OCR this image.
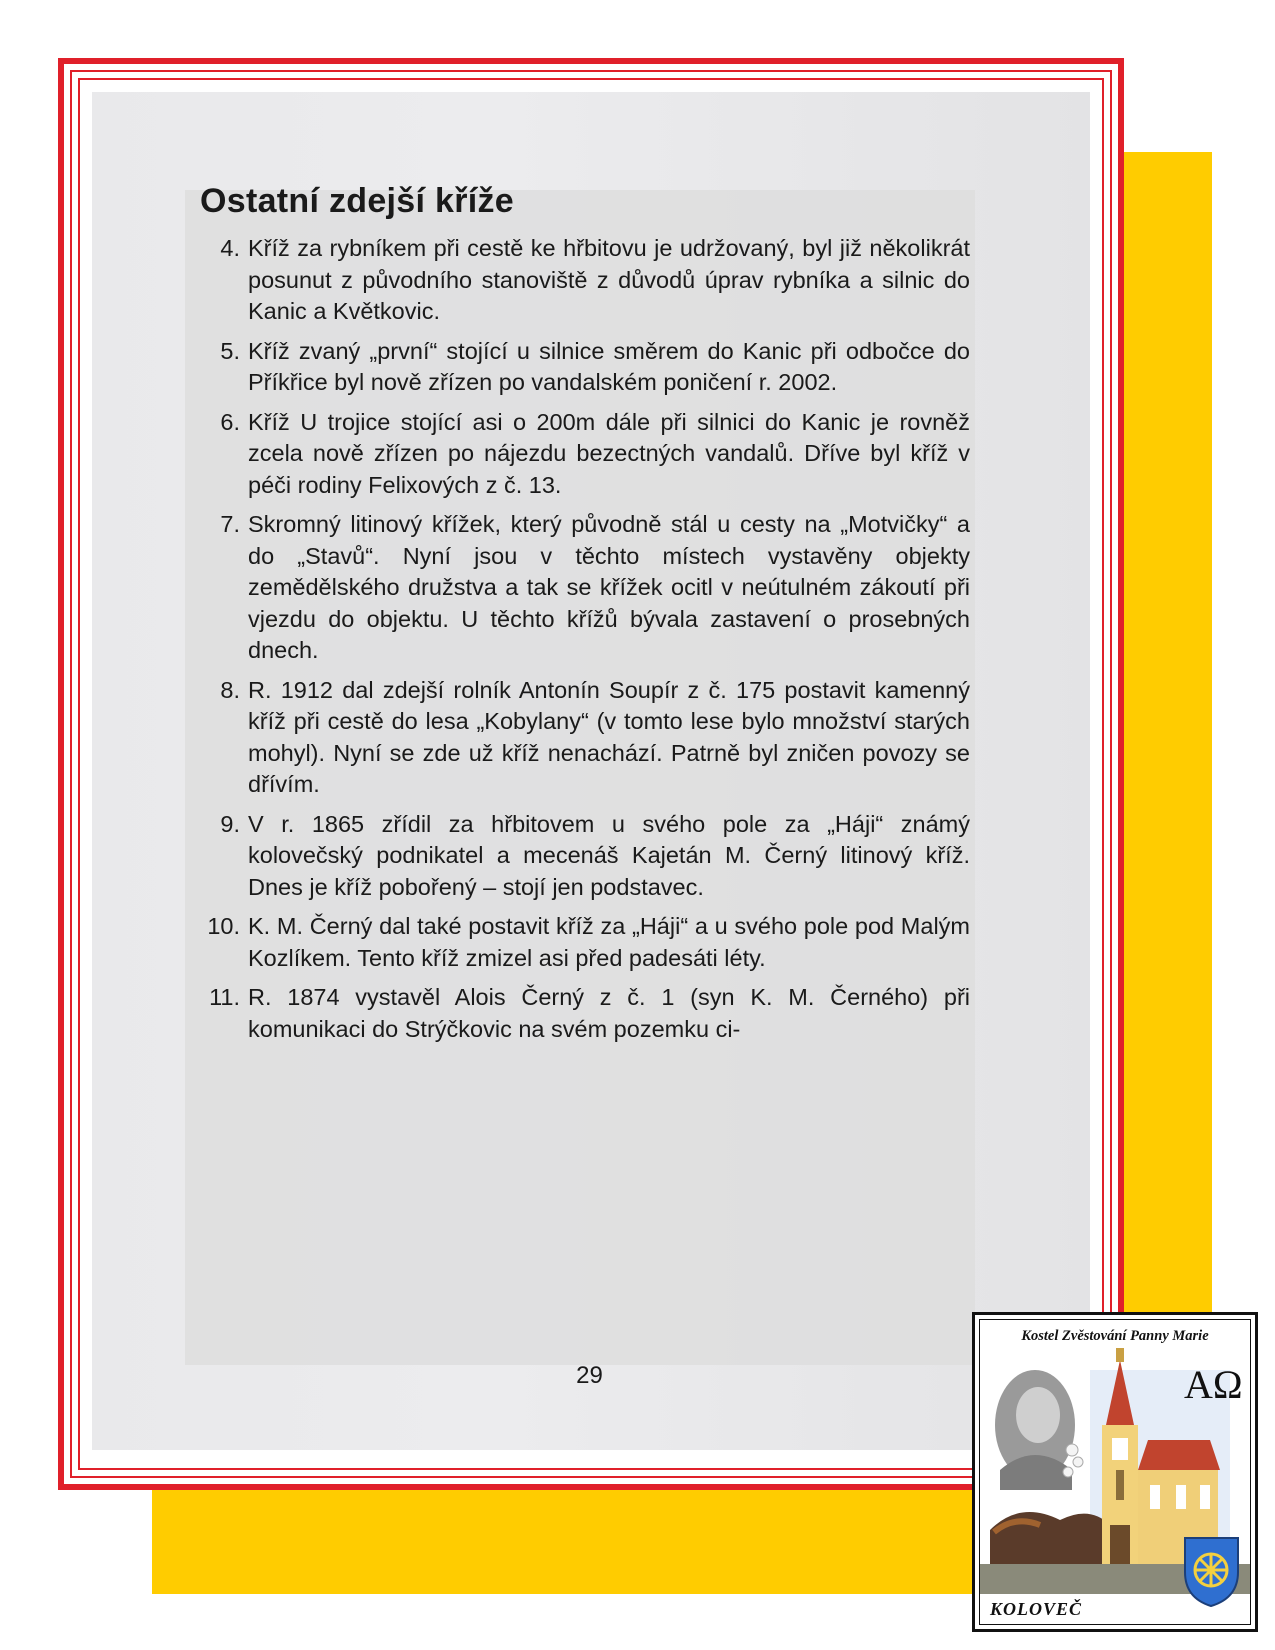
Ostatní zdejší kříže
4. Kříž za rybníkem při cestě ke hřbitovu je udržovaný, byl již několikrát posunut z původního stanoviště z důvodů úprav rybníka a silnic do Kanic a Květkovic.
5. Kříž zvaný „první“ stojící u silnice směrem do Kanic při odbočce do Příkřice byl nově zřízen po vandalském poničení r. 2002.
6. Kříž U trojice stojící asi o 200m dále při silnici do Kanic je rovněž zcela nově zřízen po nájezdu bezectných vandalů. Dříve byl kříž v péči rodiny Felixových z č. 13.
7. Skromný litinový křížek, který původně stál u cesty na „Motvičky“ a do „Stavů“. Nyní jsou v těchto místech vystavěny objekty zemědělského družstva a tak se křížek ocitl v neútulném zákoutí při vjezdu do objektu. U těchto křížů bývala zastavení o prosebných dnech.
8. R. 1912 dal zdejší rolník Antonín Soupír z č. 175 postavit kamenný kříž při cestě do lesa „Kobylany“ (v tomto lese bylo množství starých mohyl). Nyní se zde už kříž nenachází. Patrně byl zničen povozy se dřívím.
9. V r. 1865 zřídil za hřbitovem u svého pole za „Háji“ známý kolovečský podnikatel a mecenáš Kajetán M. Černý litinový kříž. Dnes je kříž pobořený – stojí jen podstavec.
10. K. M. Černý dal také postavit kříž za „Háji“ a u svého pole pod Malým Kozlíkem. Tento kříž zmizel asi před padesáti léty.
11. R. 1874 vystavěl Alois Černý z č. 1 (syn K. M. Černého) při komunikaci do Strýčkovic na svém pozemku ci-
29	AΩ
Kostel Zvěstování Panny Marie
KOLOVEČ
